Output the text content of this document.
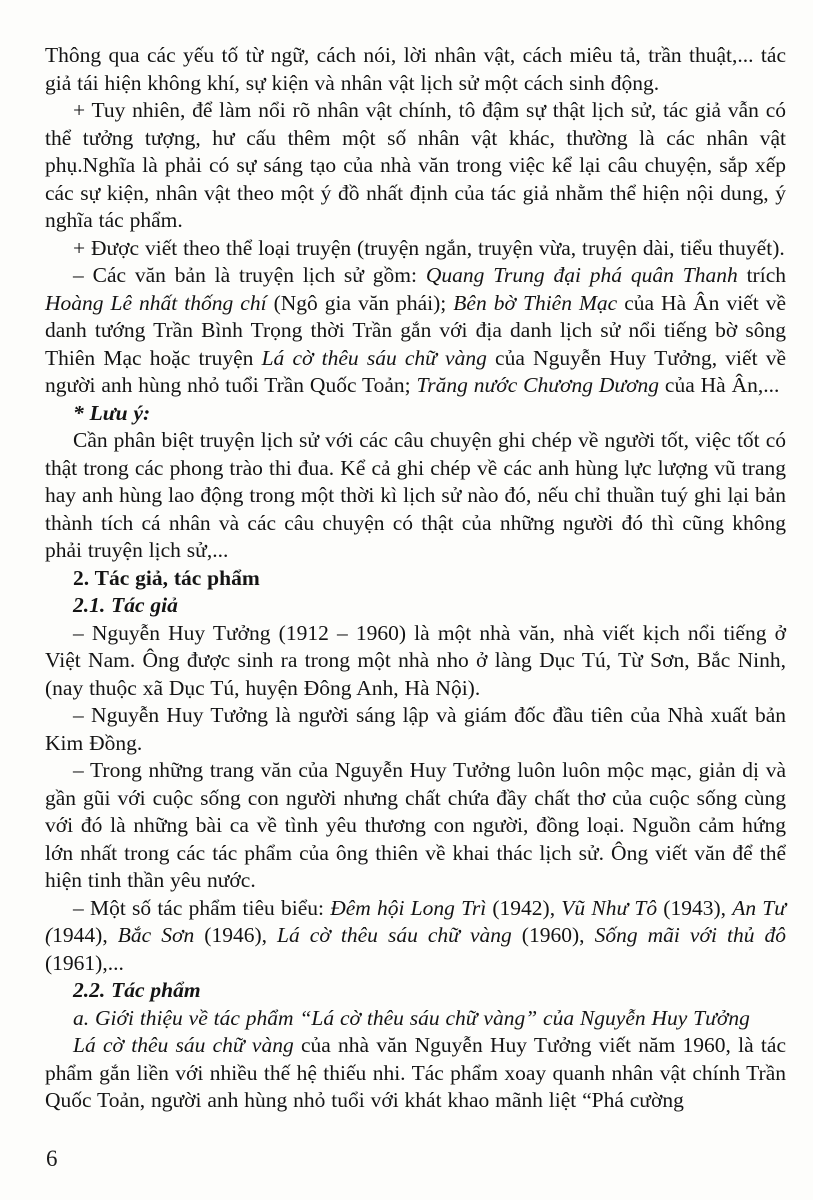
Thông qua các yếu tố từ ngữ, cách nói, lời nhân vật, cách miêu tả, trần thuật,... tác giả tái hiện không khí, sự kiện và nhân vật lịch sử một cách sinh động.

+ Tuy nhiên, để làm nổi rõ nhân vật chính, tô đậm sự thật lịch sử, tác giả vẫn có thể tưởng tượng, hư cấu thêm một số nhân vật khác, thường là các nhân vật phụ.Nghĩa là phải có sự sáng tạo của nhà văn trong việc kể lại câu chuyện, sắp xếp các sự kiện, nhân vật theo một ý đồ nhất định của tác giả nhằm thể hiện nội dung, ý nghĩa tác phẩm.

+ Được viết theo thể loại truyện (truyện ngắn, truyện vừa, truyện dài, tiểu thuyết).

– Các văn bản là truyện lịch sử gồm: Quang Trung đại phá quân Thanh trích Hoàng Lê nhất thống chí (Ngô gia văn phái); Bên bờ Thiên Mạc của Hà Ân viết về danh tướng Trần Bình Trọng thời Trần gắn với địa danh lịch sử nổi tiếng bờ sông Thiên Mạc hoặc truyện Lá cờ thêu sáu chữ vàng của Nguyễn Huy Tưởng, viết về người anh hùng nhỏ tuổi Trần Quốc Toản; Trăng nước Chương Dương của Hà Ân,...

* Lưu ý:

Cần phân biệt truyện lịch sử với các câu chuyện ghi chép về người tốt, việc tốt có thật trong các phong trào thi đua. Kể cả ghi chép về các anh hùng lực lượng vũ trang hay anh hùng lao động trong một thời kì lịch sử nào đó, nếu chỉ thuần tuý ghi lại bản thành tích cá nhân và các câu chuyện có thật của những người đó thì cũng không phải truyện lịch sử,...

2. Tác giả, tác phẩm

2.1. Tác giả

– Nguyễn Huy Tưởng (1912 – 1960) là một nhà văn, nhà viết kịch nổi tiếng ở Việt Nam. Ông được sinh ra trong một nhà nho ở làng Dục Tú, Từ Sơn, Bắc Ninh, (nay thuộc xã Dục Tú, huyện Đông Anh, Hà Nội).

– Nguyễn Huy Tưởng là người sáng lập và giám đốc đầu tiên của Nhà xuất bản Kim Đồng.

– Trong những trang văn của Nguyễn Huy Tưởng luôn luôn mộc mạc, giản dị và gần gũi với cuộc sống con người nhưng chất chứa đầy chất thơ của cuộc sống cùng với đó là những bài ca về tình yêu thương con người, đồng loại. Nguồn cảm hứng lớn nhất trong các tác phẩm của ông thiên về khai thác lịch sử. Ông viết văn để thể hiện tinh thần yêu nước.

– Một số tác phẩm tiêu biểu: Đêm hội Long Trì (1942), Vũ Như Tô (1943), An Tư (1944), Bắc Sơn (1946), Lá cờ thêu sáu chữ vàng (1960), Sống mãi với thủ đô (1961),...

2.2. Tác phẩm

a. Giới thiệu về tác phẩm “Lá cờ thêu sáu chữ vàng” của Nguyễn Huy Tưởng

Lá cờ thêu sáu chữ vàng của nhà văn Nguyễn Huy Tưởng viết năm 1960, là tác phẩm gắn liền với nhiều thế hệ thiếu nhi. Tác phẩm xoay quanh nhân vật chính Trần Quốc Toản, người anh hùng nhỏ tuổi với khát khao mãnh liệt “Phá cường

6
